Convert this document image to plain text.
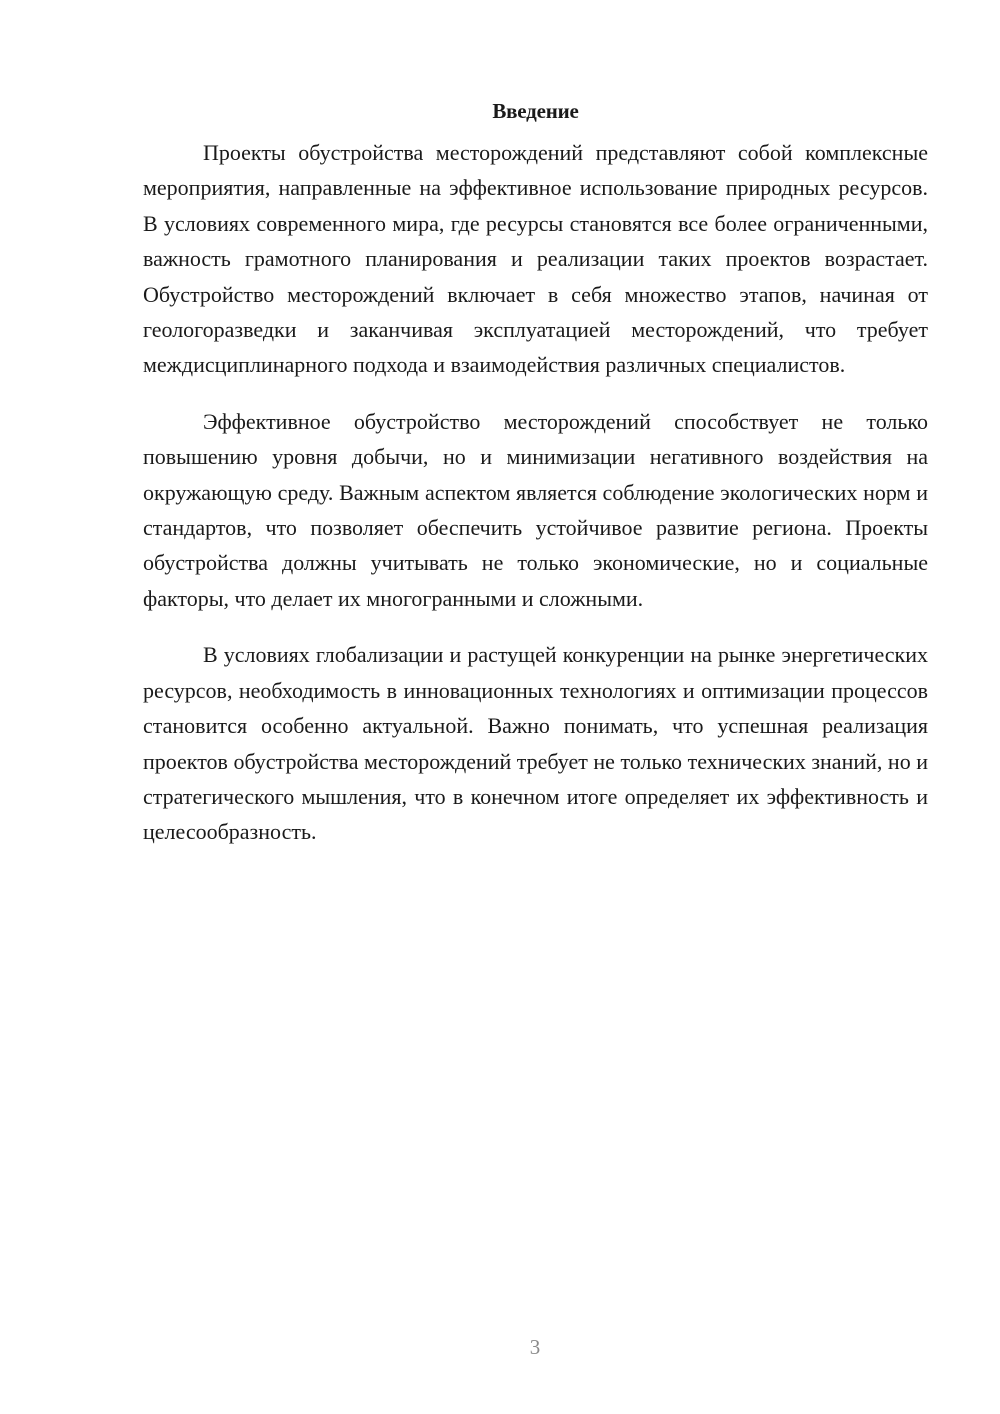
Введение

Проекты обустройства месторождений представляют собой комплексные мероприятия, направленные на эффективное использование природных ресурсов. В условиях современного мира, где ресурсы становятся все более ограниченными, важность грамотного планирования и реализации таких проектов возрастает. Обустройство месторождений включает в себя множество этапов, начиная от геологоразведки и заканчивая эксплуатацией месторождений, что требует междисциплинарного подхода и взаимодействия различных специалистов.

Эффективное обустройство месторождений способствует не только повышению уровня добычи, но и минимизации негативного воздействия на окружающую среду. Важным аспектом является соблюдение экологических норм и стандартов, что позволяет обеспечить устойчивое развитие региона. Проекты обустройства должны учитывать не только экономические, но и социальные факторы, что делает их многогранными и сложными.

В условиях глобализации и растущей конкуренции на рынке энергетических ресурсов, необходимость в инновационных технологиях и оптимизации процессов становится особенно актуальной. Важно понимать, что успешная реализация проектов обустройства месторождений требует не только технических знаний, но и стратегического мышления, что в конечном итоге определяет их эффективность и целесообразность.

3
